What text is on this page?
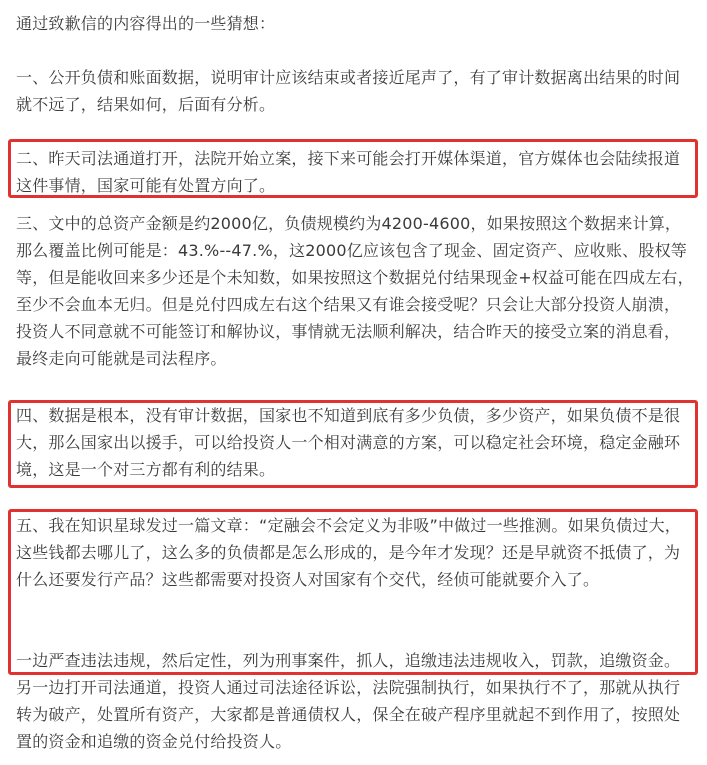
通过致歉信的内容得出的一些猜想：
一、公开负债和账面数据，说明审计应该结束或者接近尾声了，有了审计数据离出结果的时间就不远了，结果如何，后面有分析。
二、昨天司法通道打开，法院开始立案，接下来可能会打开媒体渠道，官方媒体也会陆续报道这件事情，国家可能有处置方向了。
三、文中的总资产金额是约2000亿，负债规模约为4200-4600，如果按照这个数据来计算，那么覆盖比例可能是：43.%--47.%，这2000亿应该包含了现金、固定资产、应收账、股权等等，但是能收回来多少还是个未知数，如果按照这个数据兑付结果现金+权益可能在四成左右，至少不会血本无归。但是兑付四成左右这个结果又有谁会接受呢？只会让大部分投资人崩溃，投资人不同意就不可能签订和解协议，事情就无法顺利解决，结合昨天的接受立案的消息看，最终走向可能就是司法程序。
四、数据是根本，没有审计数据，国家也不知道到底有多少负债，多少资产，如果负债不是很大，那么国家出以援手，可以给投资人一个相对满意的方案，可以稳定社会环境，稳定金融环境，这是一个对三方都有利的结果。
五、我在知识星球发过一篇文章：“定融会不会定义为非吸”中做过一些推测。如果负债过大，这些钱都去哪儿了，这么多的负债都是怎么形成的，是今年才发现？还是早就资不抵债了，为什么还要发行产品？这些都需要对投资人对国家有个交代，经侦可能就要介入了。
一边严查违法违规，然后定性，列为刑事案件，抓人，追缴违法违规收入，罚款，追缴资金。另一边打开司法通道，投资人通过司法途径诉讼，法院强制执行，如果执行不了，那就从执行转为破产，处置所有资产，大家都是普通债权人，保全在破产程序里就起不到作用了，按照处置的资金和追缴的资金兑付给投资人。
